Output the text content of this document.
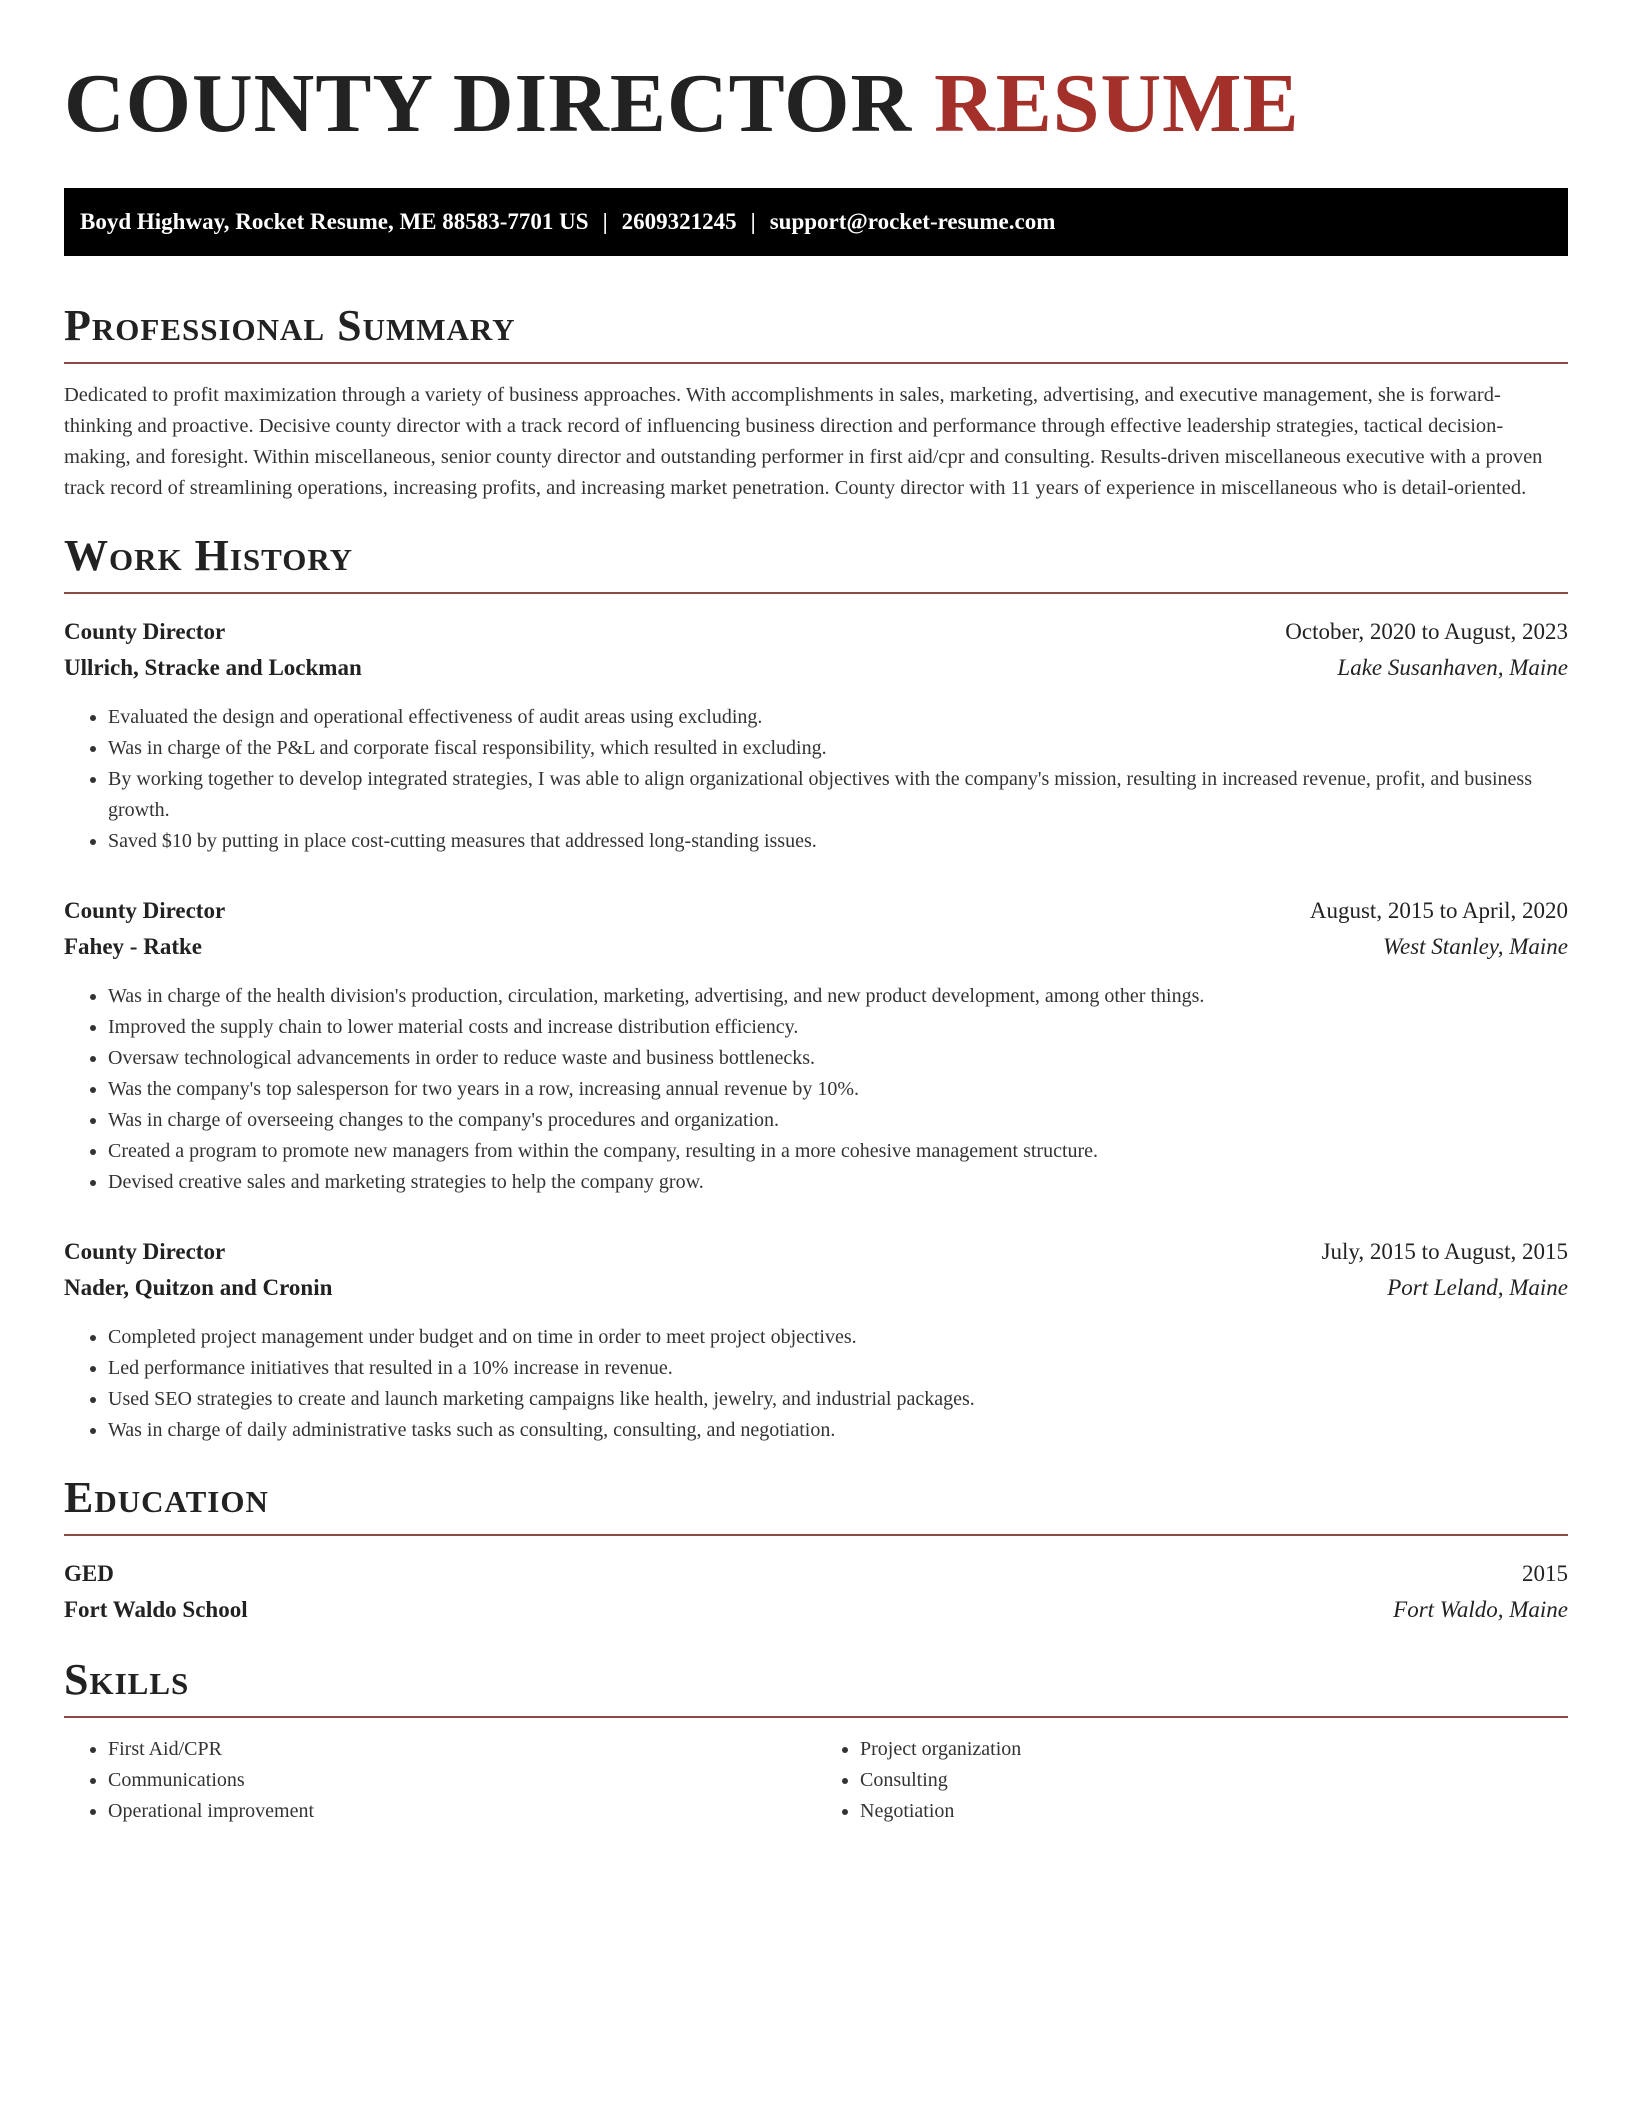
COUNTY DIRECTOR RESUME
Boyd Highway, Rocket Resume, ME 88583-7701 US | 2609321245 | support@rocket-resume.com
Professional Summary

Dedicated to profit maximization through a variety of business approaches. With accomplishments in sales, marketing, advertising, and executive management, she is forward-thinking and proactive. Decisive county director with a track record of influencing business direction and performance through effective leadership strategies, tactical decision-making, and foresight. Within miscellaneous, senior county director and outstanding performer in first aid/cpr and consulting. Results-driven miscellaneous executive with a proven track record of streamlining operations, increasing profits, and increasing market penetration. County director with 11 years of experience in miscellaneous who is detail-oriented.

Work History
County Director	October, 2020 to August, 2023
Ullrich, Stracke and Lockman	Lake Susanhaven, Maine
• Evaluated the design and operational effectiveness of audit areas using excluding.
• Was in charge of the P&L and corporate fiscal responsibility, which resulted in excluding.
• By working together to develop integrated strategies, I was able to align organizational objectives with the company's mission, resulting in increased revenue, profit, and business growth.
• Saved $10 by putting in place cost-cutting measures that addressed long-standing issues.
County Director	August, 2015 to April, 2020
Fahey - Ratke	West Stanley, Maine
• Was in charge of the health division's production, circulation, marketing, advertising, and new product development, among other things.
• Improved the supply chain to lower material costs and increase distribution efficiency.
• Oversaw technological advancements in order to reduce waste and business bottlenecks.
• Was the company's top salesperson for two years in a row, increasing annual revenue by 10%.
• Was in charge of overseeing changes to the company's procedures and organization.
• Created a program to promote new managers from within the company, resulting in a more cohesive management structure.
• Devised creative sales and marketing strategies to help the company grow.
County Director	July, 2015 to August, 2015
Nader, Quitzon and Cronin	Port Leland, Maine
• Completed project management under budget and on time in order to meet project objectives.
• Led performance initiatives that resulted in a 10% increase in revenue.
• Used SEO strategies to create and launch marketing campaigns like health, jewelry, and industrial packages.
• Was in charge of daily administrative tasks such as consulting, consulting, and negotiation.
Education
GED	2015
Fort Waldo School	Fort Waldo, Maine
Skills
• First Aid/CPR
• Communications
• Operational improvement
• Project organization
• Consulting
• Negotiation
